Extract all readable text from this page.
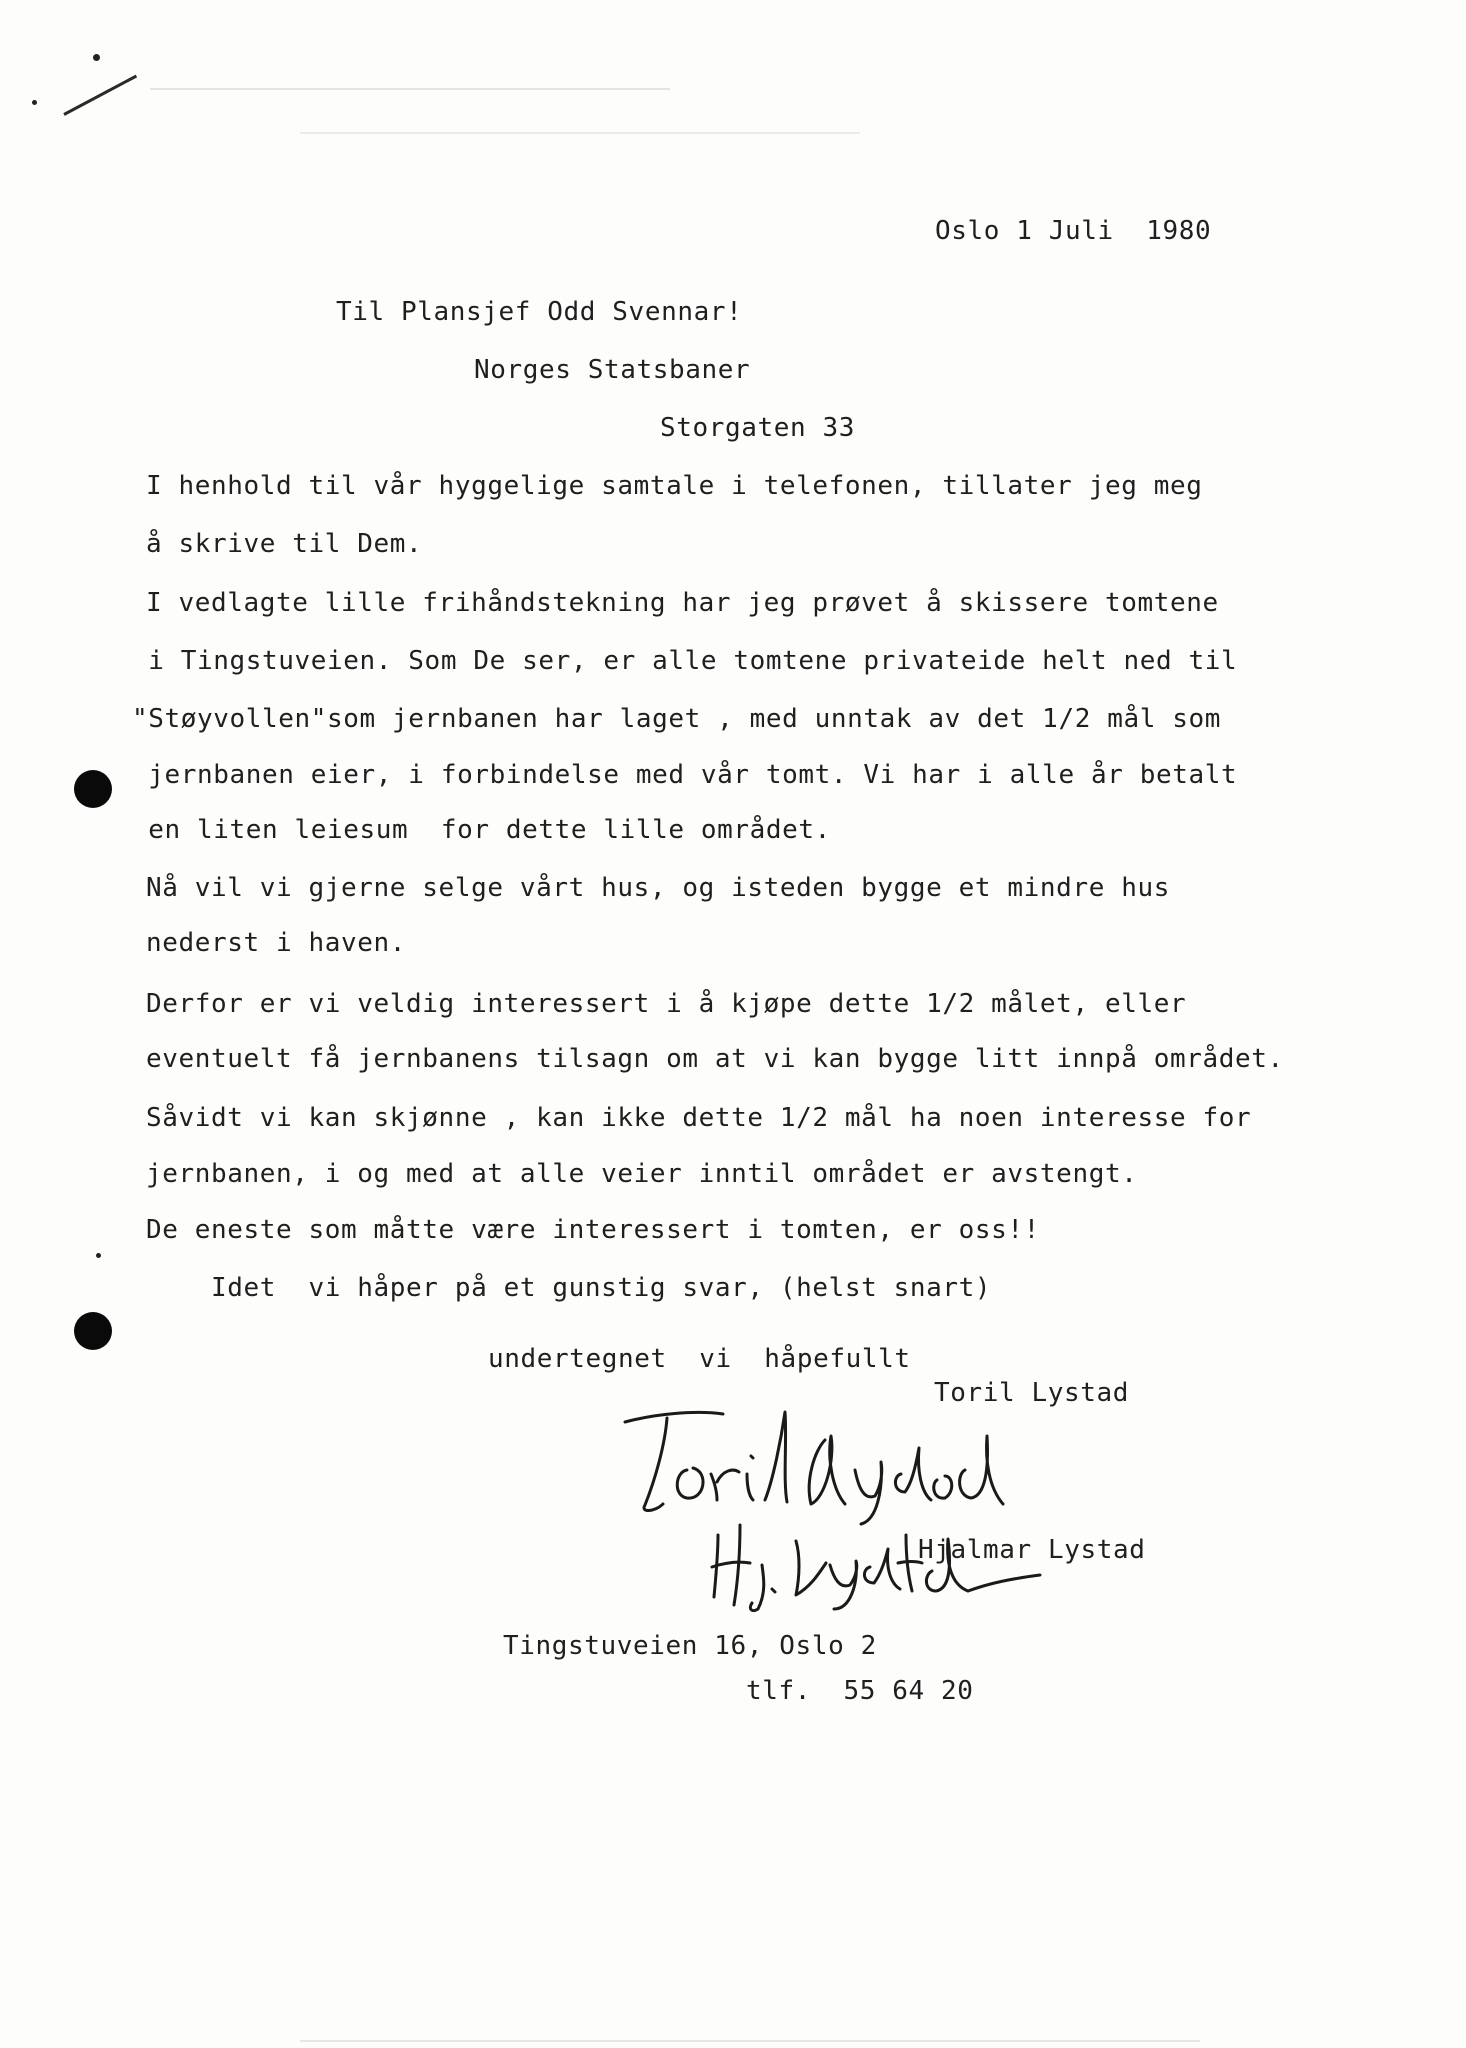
Oslo 1 Juli  1980
Til Plansjef Odd Svennar!
Norges Statsbaner
Storgaten 33
I henhold til vår hyggelige samtale i telefonen, tillater jeg meg
å skrive til Dem.
I vedlagte lille frihåndstekning har jeg prøvet å skissere tomtene
i Tingstuveien. Som De ser, er alle tomtene privateide helt ned til
"Støyvollen"som jernbanen har laget , med unntak av det 1/2 mål som
jernbanen eier, i forbindelse med vår tomt. Vi har i alle år betalt
en liten leiesum  for dette lille området.
Nå vil vi gjerne selge vårt hus, og isteden bygge et mindre hus
nederst i haven.
Derfor er vi veldig interessert i å kjøpe dette 1/2 målet, eller
eventuelt få jernbanens tilsagn om at vi kan bygge litt innpå området.
Såvidt vi kan skjønne , kan ikke dette 1/2 mål ha noen interesse for
jernbanen, i og med at alle veier inntil området er avstengt.
De eneste som måtte være interessert i tomten, er oss!!
Idet  vi håper på et gunstig svar, (helst snart)
undertegnet  vi  håpefullt
Toril Lystad
Hjalmar Lystad
Tingstuveien 16, Oslo 2
tlf.  55 64 20
